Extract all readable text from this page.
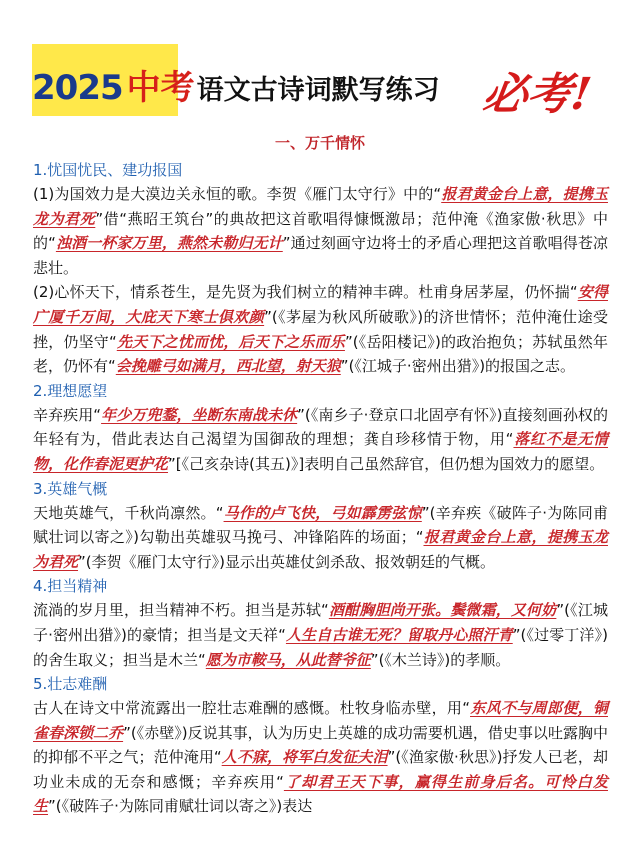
2025 中考 语文古诗词默写练习 必考!
一、万千情怀
1.忧国忧民、建功报国
(1)为国效力是大漠边关永恒的歌。李贺《雁门太守行》中的“报君黄金台上意，提携玉龙为君死”借“燕昭王筑台”的典故把这首歌唱得慷慨激昂；范仲淹《渔家傲·秋思》中的“浊酒一杯家万里，燕然未勒归无计”通过刻画守边将士的矛盾心理把这首歌唱得苍凉悲壮。
(2)心怀天下，情系苍生，是先贤为我们树立的精神丰碑。杜甫身居茅屋，仍怀揣“安得广厦千万间，大庇天下寒士俱欢颜”(《茅屋为秋风所破歌》)的济世情怀；范仲淹仕途受挫，仍坚守“先天下之忧而忧，后天下之乐而乐”(《岳阳楼记》)的政治抱负；苏轼虽然年老，仍怀有“会挽雕弓如满月，西北望，射天狼”(《江城子·密州出猎》)的报国之志。
2.理想愿望
辛弃疾用“年少万兜鍪，坐断东南战未休”(《南乡子·登京口北固亭有怀》)直接刻画孙权的年轻有为，借此表达自己渴望为国御敌的理想；龚自珍移情于物，用“落红不是无情物，化作春泥更护花”[《己亥杂诗(其五)》]表明自己虽然辞官，但仍想为国效力的愿望。
3.英雄气概
天地英雄气，千秋尚凛然。“马作的卢飞快，弓如霹雳弦惊”(辛弃疾《破阵子·为陈同甫赋壮词以寄之》)勾勒出英雄驭马挽弓、冲锋陷阵的场面；“报君黄金台上意，提携玉龙为君死”(李贺《雁门太守行》)显示出英雄仗剑杀敌、报效朝廷的气概。
4.担当精神
流淌的岁月里，担当精神不朽。担当是苏轼“酒酣胸胆尚开张。鬓微霜，又何妨”(《江城子·密州出猎》)的豪情；担当是文天祥“人生自古谁无死？留取丹心照汗青”(《过零丁洋》)的舍生取义；担当是木兰“愿为市鞍马，从此替爷征”(《木兰诗》)的孝顺。
5.壮志难酬
古人在诗文中常流露出一腔壮志难酬的感慨。杜牧身临赤壁，用“东风不与周郎便，铜雀春深锁二乔”(《赤壁》)反说其事，认为历史上英雄的成功需要机遇，借史事以吐露胸中的抑郁不平之气；范仲淹用“人不寐，将军白发征夫泪”(《渔家傲·秋思》)抒发人已老，却功业未成的无奈和感慨；辛弃疾用“了却君王天下事，赢得生前身后名。可怜白发生”(《破阵子·为陈同甫赋壮词以寄之》)表达
